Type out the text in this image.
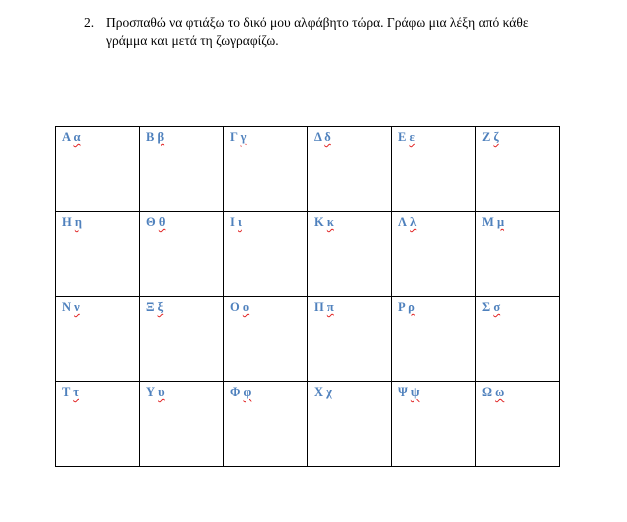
2. Προσπαθώ να φτιάξω το δικό μου αλφάβητο τώρα. Γράφω μια λέξη από κάθε γράμμα και μετά τη ζωγραφίζω.
Α α	Β β	Γ γ	Δ δ	Ε ε	Ζ ζ

Η η	Θ θ	Ι ι	Κ κ	Λ λ	Μ μ

Ν ν	Ξ ξ	Ο ο	Π π	Ρ ρ	Σ σ

Τ τ	Υ υ	Φ φ	Χ χ	Ψ ψ	Ω ω
